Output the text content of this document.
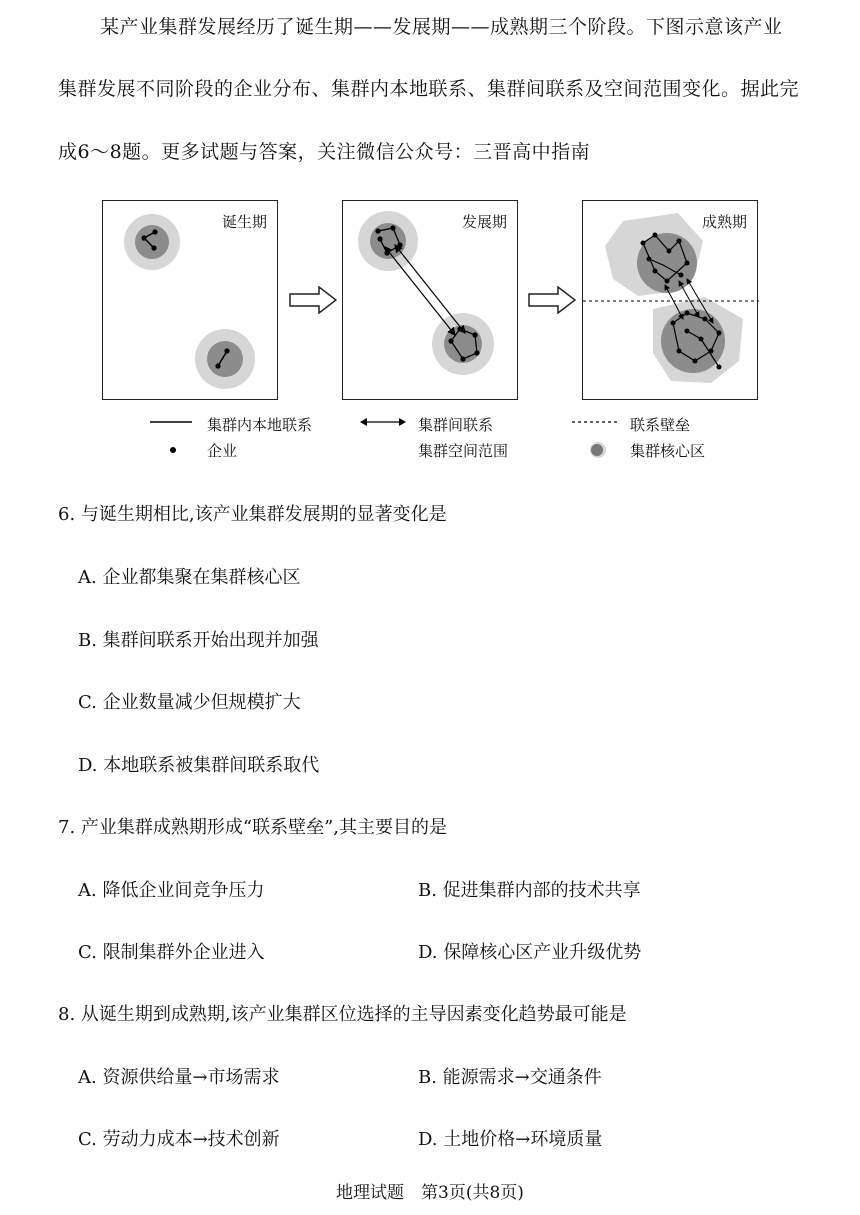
某产业集群发展经历了诞生期——发展期——成熟期三个阶段。下图示意该产业
集群发展不同阶段的企业分布、集群内本地联系、集群间联系及空间范围变化。据此完
成6～8题。更多试题与答案，关注微信公众号：三晋高中指南
诞生期	发展期	成熟期
集群内本地联系	集群间联系	联系壁垒
企业	集群空间范围	集群核心区
6. 与诞生期相比,该产业集群发展期的显著变化是
A. 企业都集聚在集群核心区
B. 集群间联系开始出现并加强
C. 企业数量减少但规模扩大
D. 本地联系被集群间联系取代
7. 产业集群成熟期形成“联系壁垒”,其主要目的是
A. 降低企业间竞争压力	B. 促进集群内部的技术共享
C. 限制集群外企业进入	D. 保障核心区产业升级优势
8. 从诞生期到成熟期,该产业集群区位选择的主导因素变化趋势最可能是
A. 资源供给量→市场需求	B. 能源需求→交通条件
C. 劳动力成本→技术创新	D. 土地价格→环境质量
地理试题　第3页(共8页)
